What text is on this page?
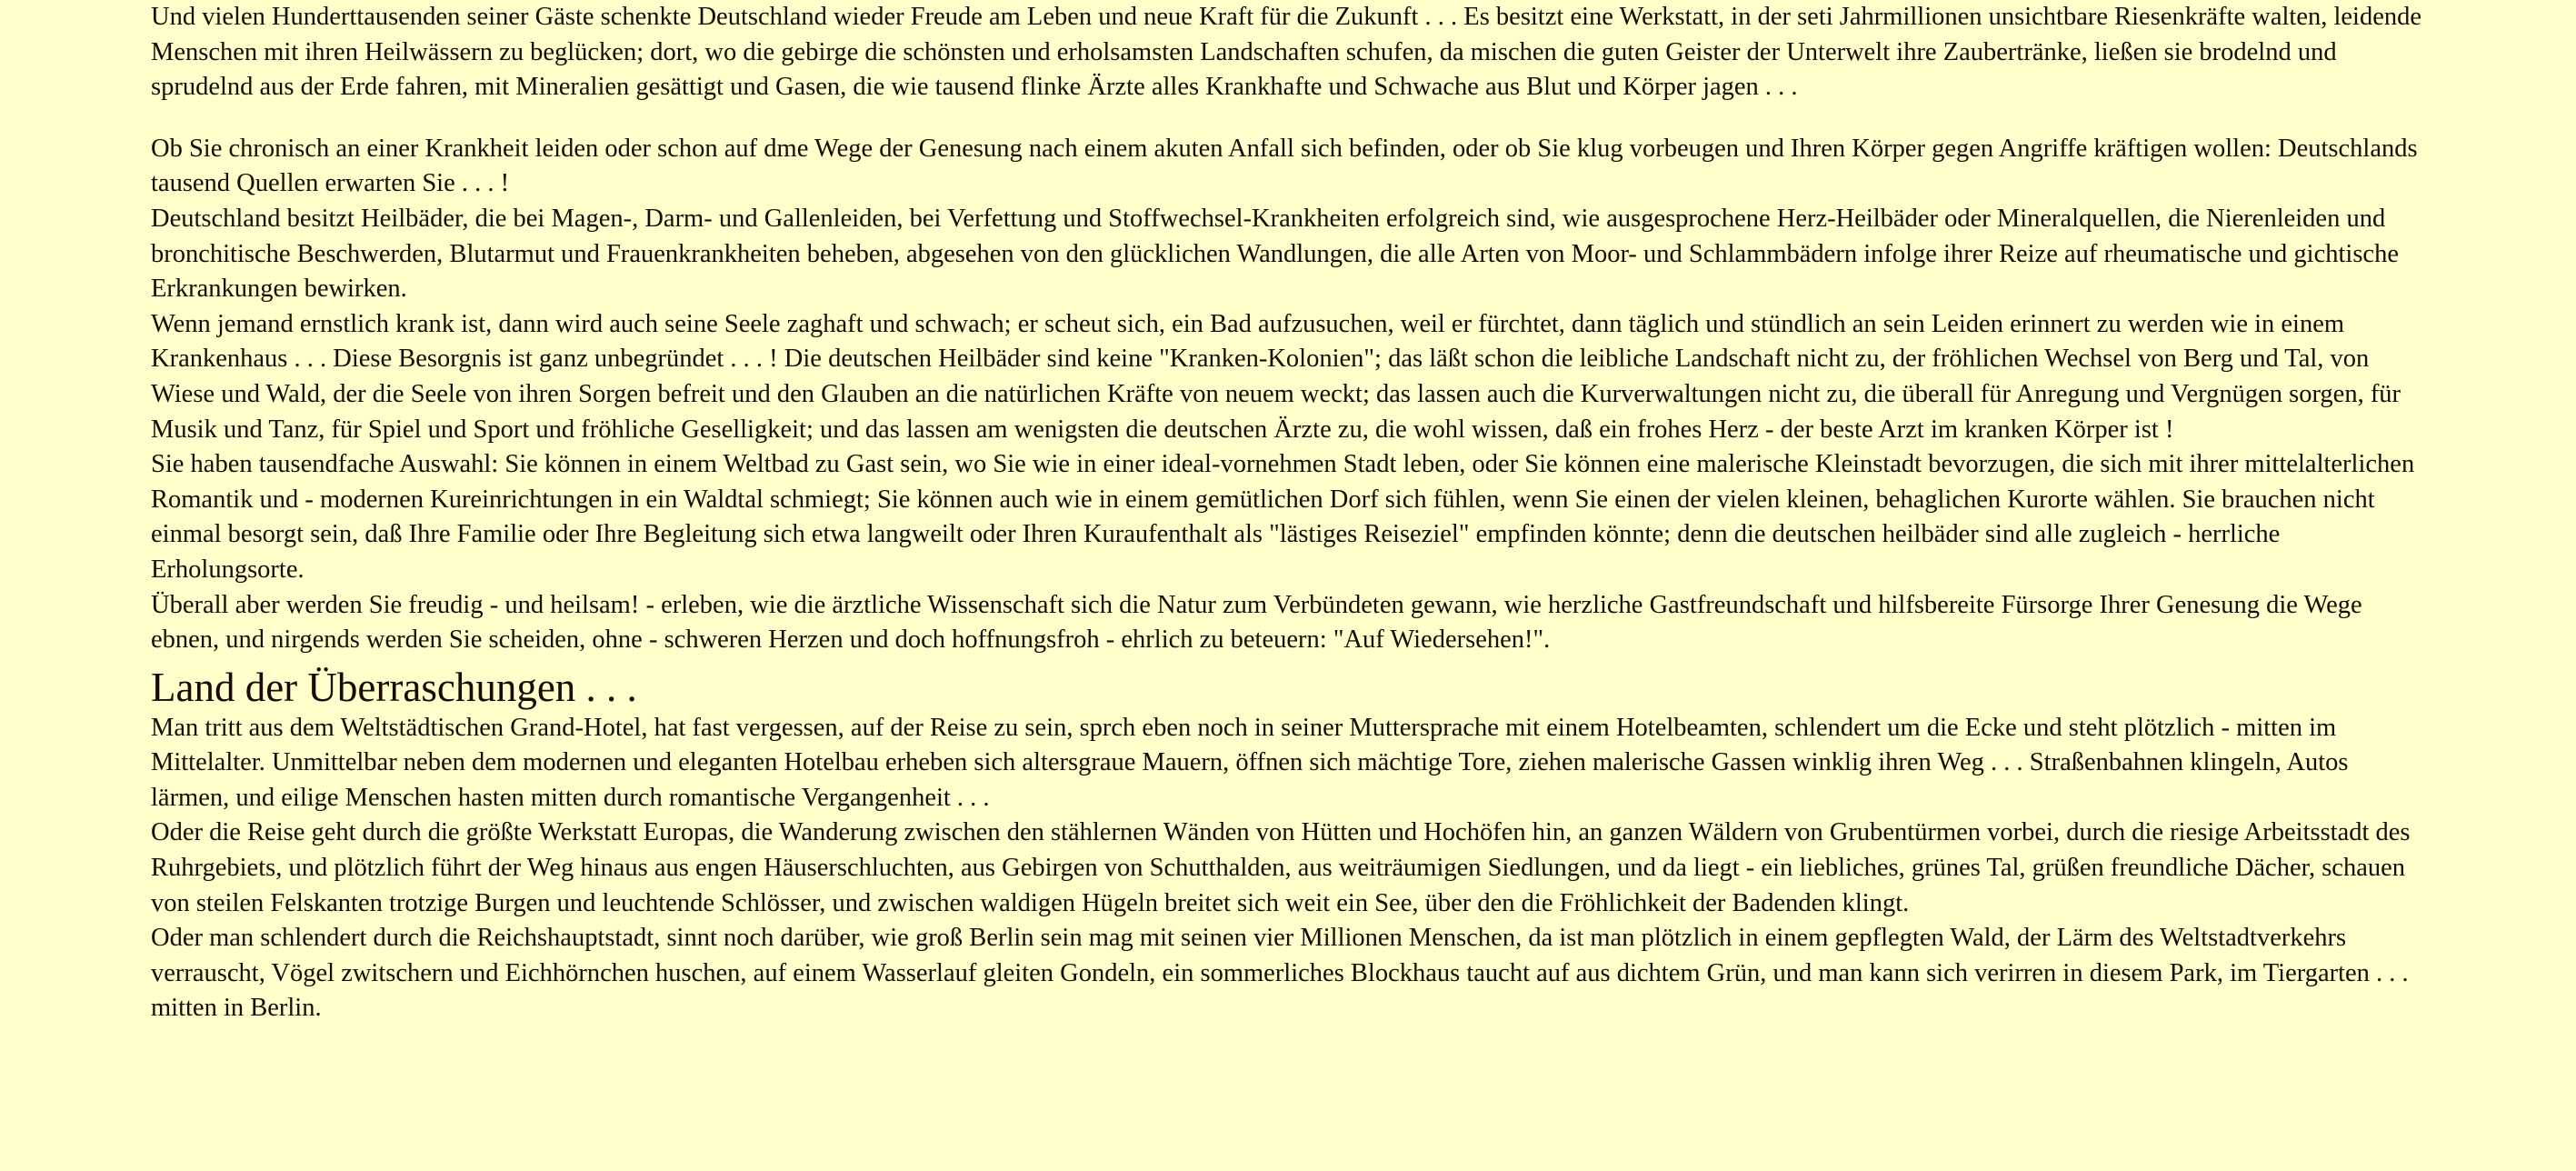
Und vielen Hunderttausenden seiner Gäste schenkte Deutschland wieder Freude am Leben und neue Kraft für die Zukunft . . . Es besitzt eine Werkstatt, in der seti Jahrmillionen unsichtbare Riesenkräfte walten, leidende Menschen mit ihren Heilwässern zu beglücken; dort, wo die gebirge die schönsten und erholsamsten Landschaften schufen, da mischen die guten Geister der Unterwelt ihre Zaubertränke, ließen sie brodelnd und sprudelnd aus der Erde fahren, mit Mineralien gesättigt und Gasen, die wie tausend flinke Ärzte alles Krankhafte und Schwache aus Blut und Körper jagen . . .

Ob Sie chronisch an einer Krankheit leiden oder schon auf dme Wege der Genesung nach einem akuten Anfall sich befinden, oder ob Sie klug vorbeugen und Ihren Körper gegen Angriffe kräftigen wollen: Deutschlands tausend Quellen erwarten Sie . . . !

Deutschland besitzt Heilbäder, die bei Magen-, Darm- und Gallenleiden, bei Verfettung und Stoffwechsel-Krankheiten erfolgreich sind, wie ausgesprochene Herz-Heilbäder oder Mineralquellen, die Nierenleiden und bronchitische Beschwerden, Blutarmut und Frauenkrankheiten beheben, abgesehen von den glücklichen Wandlungen, die alle Arten von Moor- und Schlammbädern infolge ihrer Reize auf rheumatische und gichtische Erkrankungen bewirken.

Wenn jemand ernstlich krank ist, dann wird auch seine Seele zaghaft und schwach; er scheut sich, ein Bad aufzusuchen, weil er fürchtet, dann täglich und stündlich an sein Leiden erinnert zu werden wie in einem Krankenhaus . . . Diese Besorgnis ist ganz unbegründet . . . ! Die deutschen Heilbäder sind keine "Kranken-Kolonien"; das läßt schon die leibliche Landschaft nicht zu, der fröhlichen Wechsel von Berg und Tal, von Wiese und Wald, der die Seele von ihren Sorgen befreit und den Glauben an die natürlichen Kräfte von neuem weckt; das lassen auch die Kurverwaltungen nicht zu, die überall für Anregung und Vergnügen sorgen, für Musik und Tanz, für Spiel und Sport und fröhliche Geselligkeit; und das lassen am wenigsten die deutschen Ärzte zu, die wohl wissen, daß ein frohes Herz - der beste Arzt im kranken Körper ist !

Sie haben tausendfache Auswahl: Sie können in einem Weltbad zu Gast sein, wo Sie wie in einer ideal-vornehmen Stadt leben, oder Sie können eine malerische Kleinstadt bevorzugen, die sich mit ihrer mittelalterlichen Romantik und - modernen Kureinrichtungen in ein Waldtal schmiegt; Sie können auch wie in einem gemütlichen Dorf sich fühlen, wenn Sie einen der vielen kleinen, behaglichen Kurorte wählen. Sie brauchen nicht einmal besorgt sein, daß Ihre Familie oder Ihre Begleitung sich etwa langweilt oder Ihren Kuraufenthalt als "lästiges Reiseziel" empfinden könnte; denn die deutschen heilbäder sind alle zugleich - herrliche Erholungsorte.

Überall aber werden Sie freudig - und heilsam! - erleben, wie die ärztliche Wissenschaft sich die Natur zum Verbündeten gewann, wie herzliche Gastfreundschaft und hilfsbereite Fürsorge Ihrer Genesung die Wege ebnen, und nirgends werden Sie scheiden, ohne - schweren Herzen und doch hoffnungsfroh - ehrlich zu beteuern: "Auf Wiedersehen!".

Land der Überraschungen . . .

Man tritt aus dem Weltstädtischen Grand-Hotel, hat fast vergessen, auf der Reise zu sein, sprch eben noch in seiner Muttersprache mit einem Hotelbeamten, schlendert um die Ecke und steht plötzlich - mitten im Mittelalter. Unmittelbar neben dem modernen und eleganten Hotelbau erheben sich altersgraue Mauern, öffnen sich mächtige Tore, ziehen malerische Gassen winklig ihren Weg . . . Straßenbahnen klingeln, Autos lärmen, und eilige Menschen hasten mitten durch romantische Vergangenheit . . .

Oder die Reise geht durch die größte Werkstatt Europas, die Wanderung zwischen den stählernen Wänden von Hütten und Hochöfen hin, an ganzen Wäldern von Grubentürmen vorbei, durch die riesige Arbeitsstadt des Ruhrgebiets, und plötzlich führt der Weg hinaus aus engen Häuserschluchten, aus Gebirgen von Schutthalden, aus weiträumigen Siedlungen, und da liegt - ein liebliches, grünes Tal, grüßen freundliche Dächer, schauen von steilen Felskanten trotzige Burgen und leuchtende Schlösser, und zwischen waldigen Hügeln breitet sich weit ein See, über den die Fröhlichkeit der Badenden klingt.

Oder man schlendert durch die Reichshauptstadt, sinnt noch darüber, wie groß Berlin sein mag mit seinen vier Millionen Menschen, da ist man plötzlich in einem gepflegten Wald, der Lärm des Weltstadtverkehrs verrauscht, Vögel zwitschern und Eichhörnchen huschen, auf einem Wasserlauf gleiten Gondeln, ein sommerliches Blockhaus taucht auf aus dichtem Grün, und man kann sich verirren in diesem Park, im Tiergarten . . . mitten in Berlin.
